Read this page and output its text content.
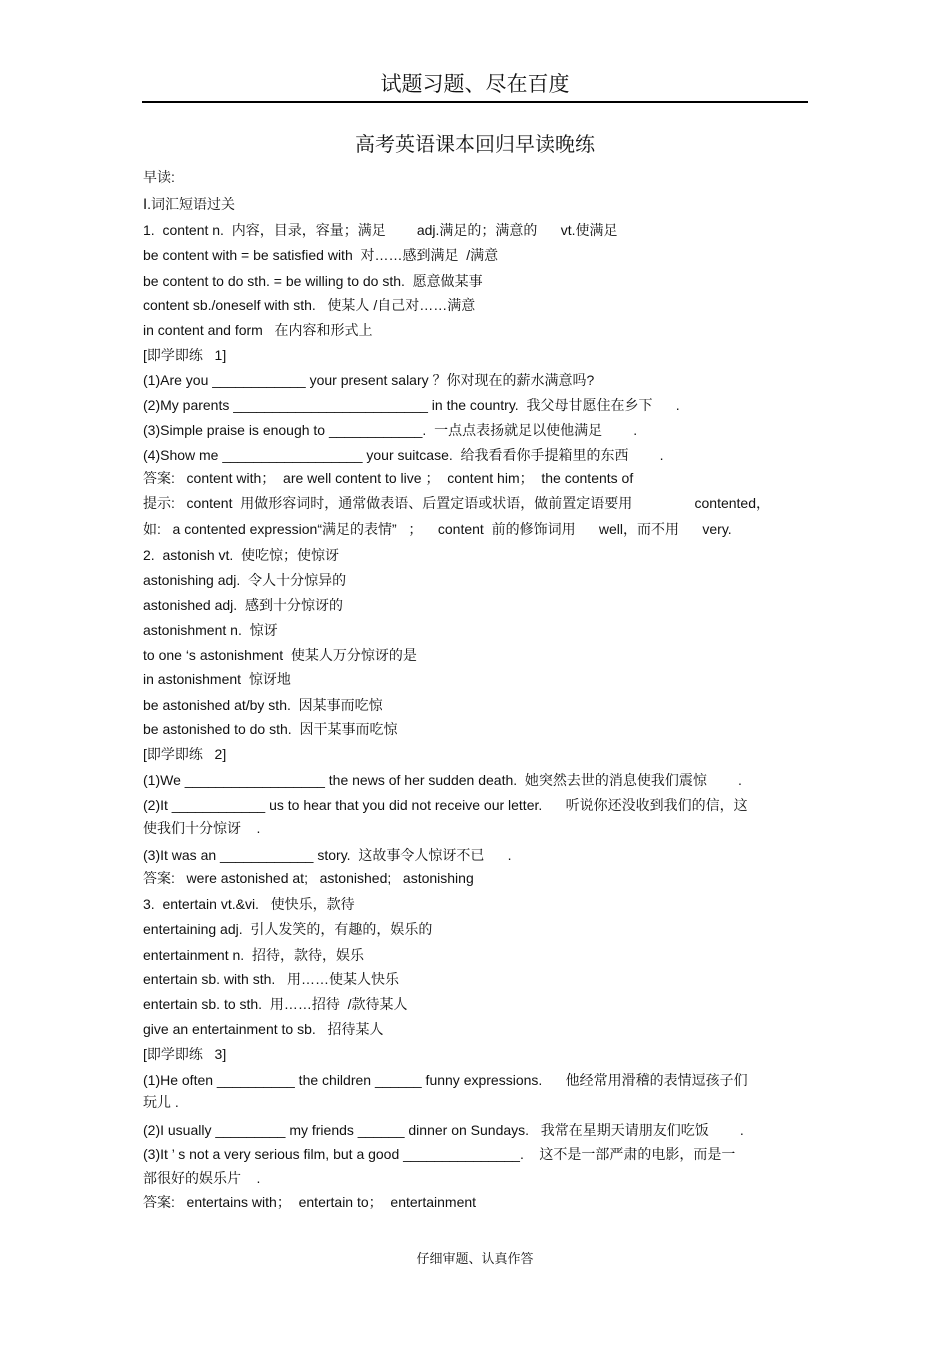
试题习题、尽在百度
高考英语课本回归早读晚练
早读:
Ⅰ.词汇短语过关
1.  content n.  内容，目录，容量；满足        adj.满足的；满意的      vt.使满足
be content with = be satisfied with  对……感到满足  /满意
be content to do sth. = be willing to do sth.  愿意做某事
content sb./oneself with sth.   使某人 /自己对……满意
in content and form   在内容和形式上
[即学即练   1]
(1)Are you ____________ your present salary ？你对现在的薪水满意吗?
(2)My parents _________________________ in the country.  我父母甘愿住在乡下      .
(3)Simple praise is enough to ____________.  一点点表扬就足以使他满足        .
(4)Show me __________________ your suitcase.  给我看看你手提箱里的东西        .
答案:   content with；  are well content to live ；  content him；  the contents of
提示:   content  用做形容词时，通常做表语、后置定语或状语，做前置定语要用                contented，
如:   a contented expression“满足的表情”   ；    content  前的修饰词用      well，而不用      very.
2.  astonish vt.  使吃惊；使惊讶
astonishing adj.  令人十分惊异的
astonished adj.  感到十分惊讶的
astonishment n.  惊讶
to one ‘s astonishment  使某人万分惊讶的是
in astonishment  惊讶地
be astonished at/by sth.  因某事而吃惊
be astonished to do sth.  因干某事而吃惊
[即学即练   2]
(1)We __________________ the news of her sudden death.  她突然去世的消息使我们震惊        .
(2)It ____________ us to hear that you did not receive our letter.      听说你还没收到我们的信，这
使我们十分惊讶    .
(3)It was an ____________ story.  这故事令人惊讶不已      .
答案:   were astonished at;   astonished;   astonishing
3.  entertain vt.&vi.   使快乐，款待
entertaining adj.  引人发笑的，有趣的，娱乐的
entertainment n.  招待，款待，娱乐
entertain sb. with sth.   用……使某人快乐
entertain sb. to sth.  用……招待  /款待某人
give an entertainment to sb.   招待某人
[即学即练   3]
(1)He often __________ the children ______ funny expressions.      他经常用滑稽的表情逗孩子们
玩儿 .
(2)I usually _________ my friends ______ dinner on Sundays.   我常在星期天请朋友们吃饭        .
(3)It ’ s not a very serious film, but a good _______________.    这不是一部严肃的电影，而是一
部很好的娱乐片    .
答案:   entertains with；  entertain to；  entertainment
仔细审题、认真作答
